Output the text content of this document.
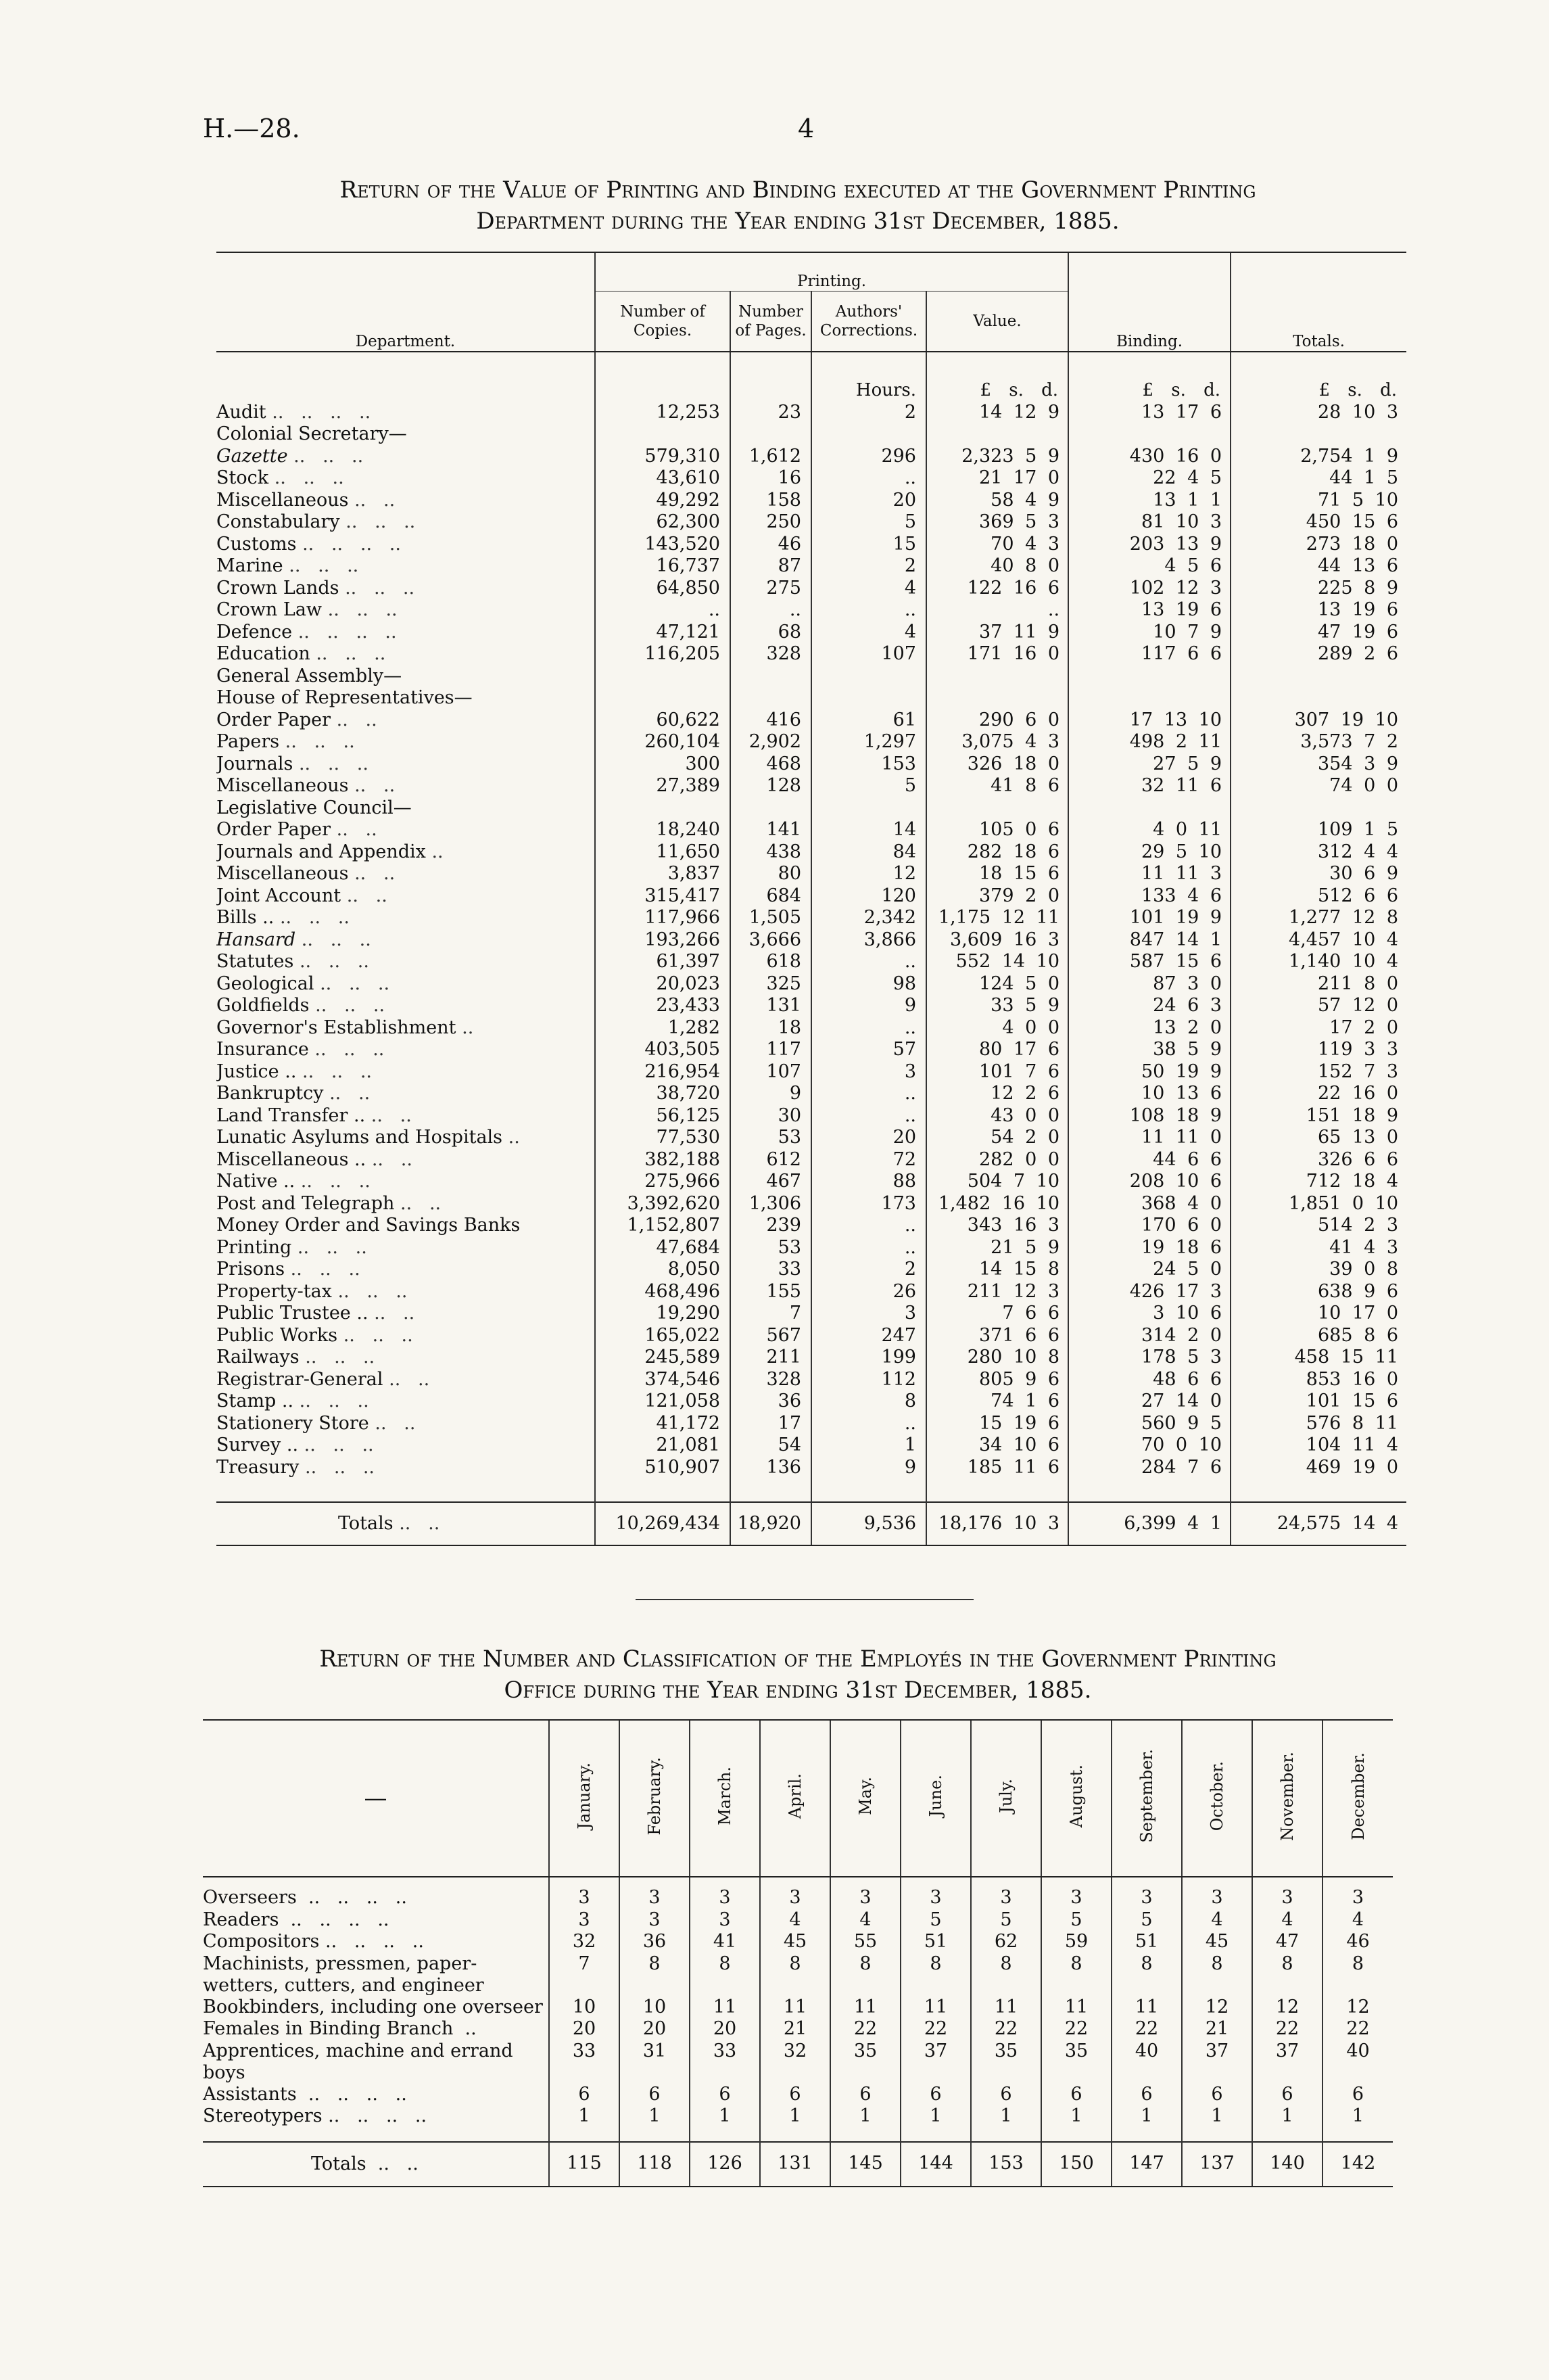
H.—28.	4
Return of the Value of Printing and Binding executed at the Government Printing
Department during the Year ending 31st December, 1885.
Department.	Printing.				Binding.	Totals.
	Number of Copies.	Number of Pages.	Authors' Corrections.	Value.		
			Hours.	£ s. d.	£ s. d.	£ s. d.
Audit ..   ..   ..   ..	12,253	23	2	14 12 9	13 17 6	28 10 3
Colonial Secretary—						
Gazette ..   ..   ..	579,310	1,612	296	2,323 5 9	430 16 0	2,754 1 9
Stock ..   ..   ..	43,610	16	..	21 17 0	22 4 5	44 1 5
Miscellaneous ..   ..	49,292	158	20	58 4 9	13 1 1	71 5 10
Constabulary ..   ..   ..	62,300	250	5	369 5 3	81 10 3	450 15 6
Customs ..   ..   ..   ..	143,520	46	15	70 4 3	203 13 9	273 18 0
Marine ..   ..   ..	16,737	87	2	40 8 0	4 5 6	44 13 6
Crown Lands ..   ..   ..	64,850	275	4	122 16 6	102 12 3	225 8 9
Crown Law ..   ..   ..	..	..	..	..	13 19 6	13 19 6
Defence ..   ..   ..   ..	47,121	68	4	37 11 9	10 7 9	47 19 6
Education ..   ..   ..	116,205	328	107	171 16 0	117 6 6	289 2 6
General Assembly—						
House of Representatives—						
Order Paper ..   ..	60,622	416	61	290 6 0	17 13 10	307 19 10
Papers ..   ..   ..	260,104	2,902	1,297	3,075 4 3	498 2 11	3,573 7 2
Journals ..   ..   ..	300	468	153	326 18 0	27 5 9	354 3 9
Miscellaneous ..   ..	27,389	128	5	41 8 6	32 11 6	74 0 0
Legislative Council—						
Order Paper ..   ..	18,240	141	14	105 0 6	4 0 11	109 1 5
Journals and Appendix ..	11,650	438	84	282 18 6	29 5 10	312 4 4
Miscellaneous ..   ..	3,837	80	12	18 15 6	11 11 3	30 6 9
Joint Account ..   ..	315,417	684	120	379 2 0	133 4 6	512 6 6
Bills .. ..   ..   ..	117,966	1,505	2,342	1,175 12 11	101 19 9	1,277 12 8
Hansard ..   ..   ..	193,266	3,666	3,866	3,609 16 3	847 14 1	4,457 10 4
Statutes ..   ..   ..	61,397	618	..	552 14 10	587 15 6	1,140 10 4
Geological ..   ..   ..	20,023	325	98	124 5 0	87 3 0	211 8 0
Goldfields ..   ..   ..	23,433	131	9	33 5 9	24 6 3	57 12 0
Governor's Establishment ..	1,282	18	..	4 0 0	13 2 0	17 2 0
Insurance ..   ..   ..	403,505	117	57	80 17 6	38 5 9	119 3 3
Justice .. ..   ..   ..	216,954	107	3	101 7 6	50 19 9	152 7 3
Bankruptcy ..   ..	38,720	9	..	12 2 6	10 13 6	22 16 0
Land Transfer .. ..   ..	56,125	30	..	43 0 0	108 18 9	151 18 9
Lunatic Asylums and Hospitals ..	77,530	53	20	54 2 0	11 11 0	65 13 0
Miscellaneous .. ..   ..	382,188	612	72	282 0 0	44 6 6	326 6 6
Native .. ..   ..   ..	275,966	467	88	504 7 10	208 10 6	712 18 4
Post and Telegraph ..   ..	3,392,620	1,306	173	1,482 16 10	368 4 0	1,851 0 10
Money Order and Savings Banks	1,152,807	239	..	343 16 3	170 6 0	514 2 3
Printing ..   ..   ..	47,684	53	..	21 5 9	19 18 6	41 4 3
Prisons ..   ..   ..	8,050	33	2	14 15 8	24 5 0	39 0 8
Property-tax ..   ..   ..	468,496	155	26	211 12 3	426 17 3	638 9 6
Public Trustee .. ..   ..	19,290	7	3	7 6 6	3 10 6	10 17 0
Public Works ..   ..   ..	165,022	567	247	371 6 6	314 2 0	685 8 6
Railways ..   ..   ..	245,589	211	199	280 10 8	178 5 3	458 15 11
Registrar-General ..   ..	374,546	328	112	805 9 6	48 6 6	853 16 0
Stamp .. ..   ..   ..	121,058	36	8	74 1 6	27 14 0	101 15 6
Stationery Store ..   ..	41,172	17	..	15 19 6	560 9 5	576 8 11
Survey .. ..   ..   ..	21,081	54	1	34 10 6	70 0 10	104 11 4
Treasury ..   ..   ..	510,907	136	9	185 11 6	284 7 6	469 19 0

Totals ..   ..	10,269,434	18,920	9,536	18,176 10 3	6,399 4 1	24,575 14 4
Return of the Number and Classification of the Employés in the Government Printing
Office during the Year ending 31st December, 1885.
—	January.	February.	March.	April.	May.	June.	July.	August.	September.	October.	November.	December.
Overseers  ..   ..   ..   ..	3	3	3	3	3	3	3	3	3	3	3	3
Readers  ..   ..   ..   ..	3	3	3	4	4	5	5	5	5	4	4	4
Compositors ..   ..   ..   ..	32	36	41	45	55	51	62	59	51	45	47	46
Machinists, pressmen, paper-wetters, cutters, and engineer	7	8	8	8	8	8	8	8	8	8	8	8
Bookbinders, including one overseer	10	10	11	11	11	11	11	11	11	12	12	12
Females in Binding Branch  ..	20	20	20	21	22	22	22	22	22	21	22	22
Apprentices, machine and errand boys	33	31	33	32	35	37	35	35	40	37	37	40
Assistants  ..   ..   ..   ..	6	6	6	6	6	6	6	6	6	6	6	6
Stereotypers ..   ..   ..   ..	1	1	1	1	1	1	1	1	1	1	1	1

Totals  ..   ..	115	118	126	131	145	144	153	150	147	137	140	142
